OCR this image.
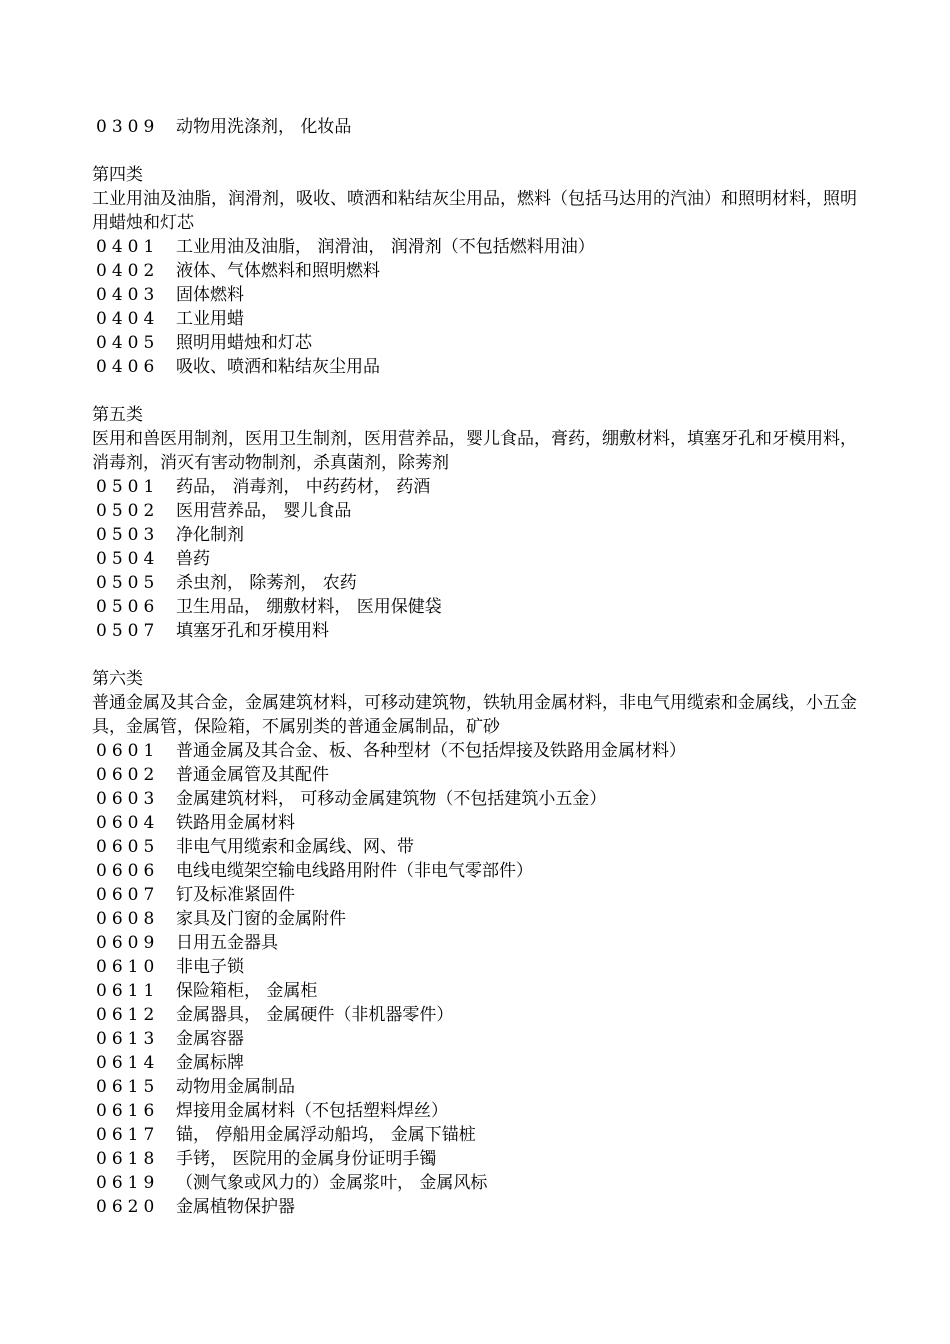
0309 动物用洗涤剂， 化妆品
第四类
工业用油及油脂，润滑剂，吸收、喷洒和粘结灰尘用品，燃料（包括马达用的汽油）和照明材料，照明用蜡烛和灯芯
0401 工业用油及油脂， 润滑油， 润滑剂（不包括燃料用油）
0402 液体、气体燃料和照明燃料
0403 固体燃料
0404 工业用蜡
0405 照明用蜡烛和灯芯
0406 吸收、喷洒和粘结灰尘用品
第五类
医用和兽医用制剂，医用卫生制剂，医用营养品，婴儿食品，膏药，绷敷材料，填塞牙孔和牙模用料，消毒剂，消灭有害动物制剂，杀真菌剂，除莠剂
0501 药品， 消毒剂， 中药药材， 药酒
0502 医用营养品， 婴儿食品
0503 净化制剂
0504 兽药
0505 杀虫剂， 除莠剂， 农药
0506 卫生用品， 绷敷材料， 医用保健袋
0507 填塞牙孔和牙模用料
第六类
普通金属及其合金，金属建筑材料，可移动建筑物，铁轨用金属材料，非电气用缆索和金属线，小五金具，金属管，保险箱，不属别类的普通金属制品，矿砂
0601 普通金属及其合金、板、各种型材（不包括焊接及铁路用金属材料）
0602 普通金属管及其配件
0603 金属建筑材料， 可移动金属建筑物（不包括建筑小五金）
0604 铁路用金属材料
0605 非电气用缆索和金属线、网、带
0606 电线电缆架空输电线路用附件（非电气零部件）
0607 钉及标准紧固件
0608 家具及门窗的金属附件
0609 日用五金器具
0610 非电子锁
0611 保险箱柜， 金属柜
0612 金属器具， 金属硬件（非机器零件）
0613 金属容器
0614 金属标牌
0615 动物用金属制品
0616 焊接用金属材料（不包括塑料焊丝）
0617 锚， 停船用金属浮动船坞， 金属下锚桩
0618 手铐， 医院用的金属身份证明手镯
0619 （测气象或风力的）金属浆叶， 金属风标
0620 金属植物保护器
